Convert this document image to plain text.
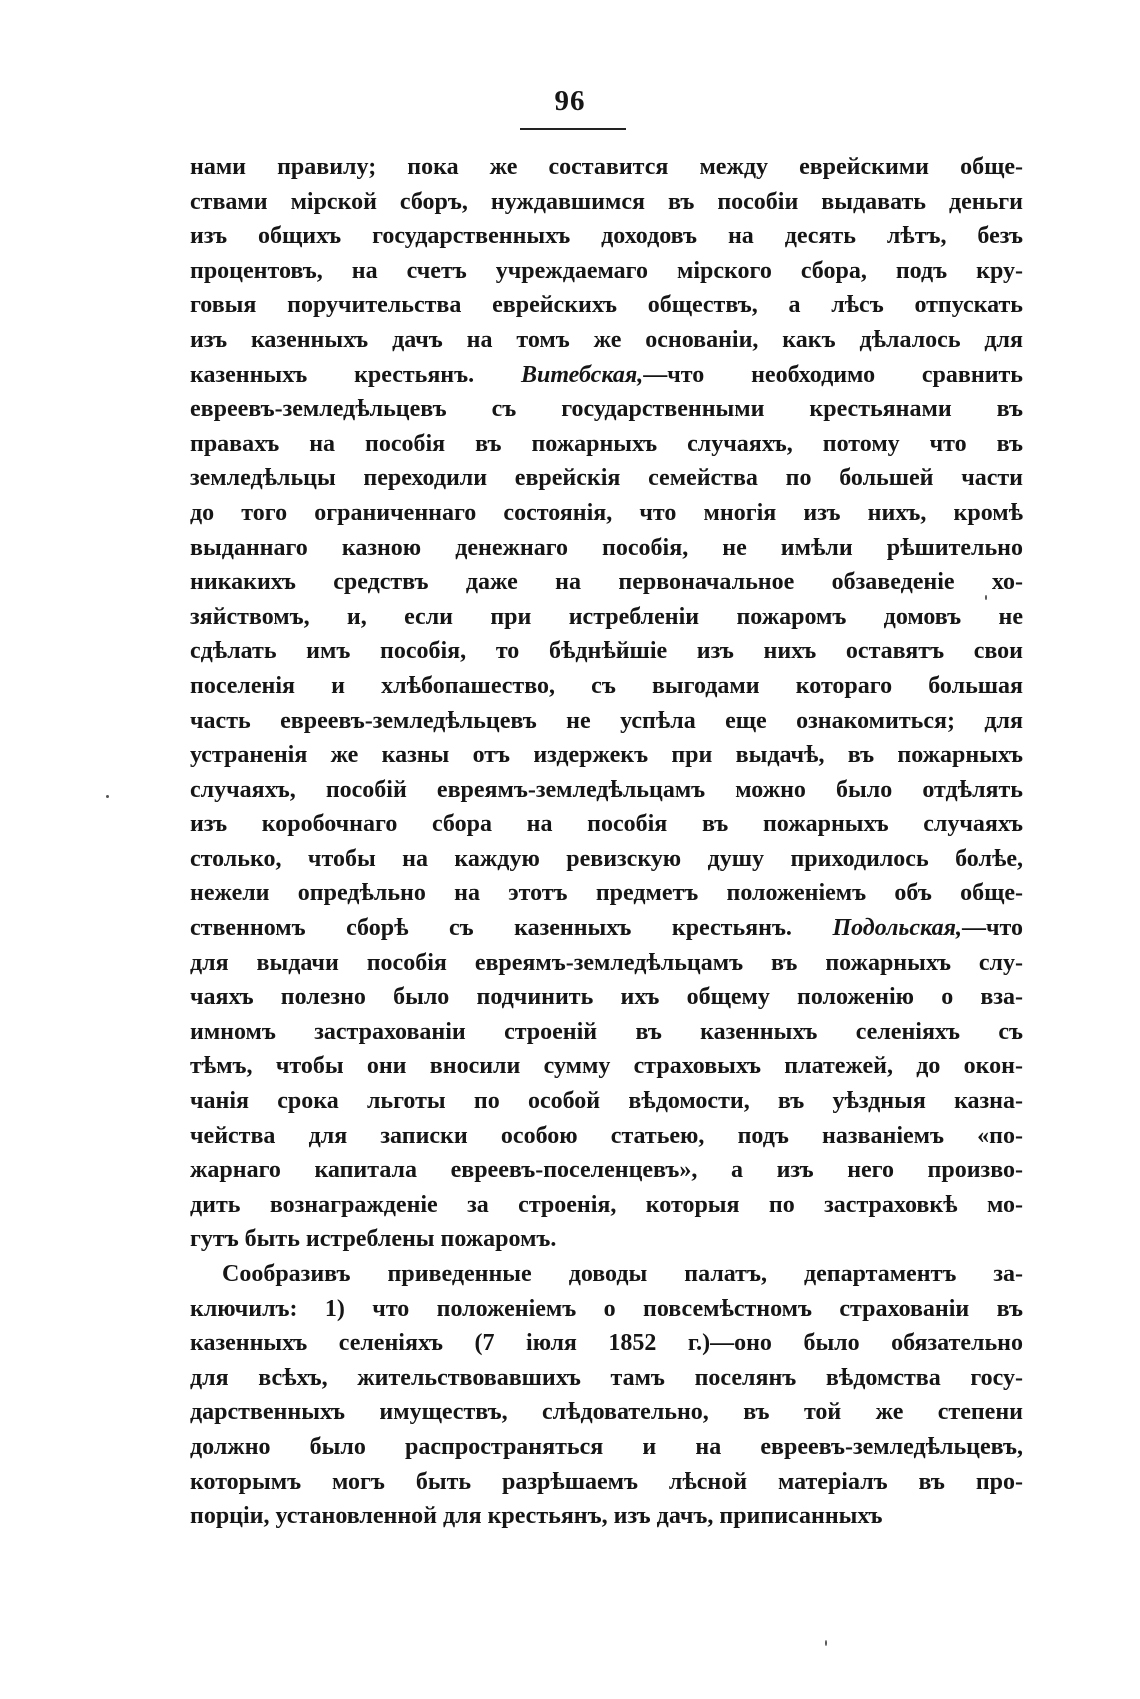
96
нами правилу; пока же составится между еврейскими обще-
ствами мірской сборъ, нуждавшимся въ пособіи выдавать деньги
изъ общихъ государственныхъ доходовъ на десять лѣтъ, безъ
процентовъ, на счетъ учреждаемаго мірского сбора, подъ кру-
говыя поручительства еврейскихъ обществъ, а лѣсъ отпускать
изъ казенныхъ дачъ на томъ же основаніи, какъ дѣлалось для
казенныхъ крестьянъ. Витебская,—что необходимо сравнить
евреевъ-земледѣльцевъ съ государственными крестьянами въ
правахъ на пособія въ пожарныхъ случаяхъ, потому что въ
земледѣльцы переходили еврейскія семейства по большей части
до того ограниченнаго состоянія, что многія изъ нихъ, кромѣ
выданнаго казною денежнаго пособія, не имѣли рѣшительно
никакихъ средствъ даже на первоначальное обзаведеніе хо-
зяйствомъ, и, если при истребленіи пожаромъ домовъ не
сдѣлать имъ пособія, то бѣднѣйшіе изъ нихъ оставятъ свои
поселенія и хлѣбопашество, съ выгодами котораго большая
часть евреевъ-земледѣльцевъ не успѣла еще ознакомиться; для
устраненія же казны отъ издержекъ при выдачѣ, въ пожарныхъ
случаяхъ, пособій евреямъ-земледѣльцамъ можно было отдѣлять
изъ коробочнаго сбора на пособія въ пожарныхъ случаяхъ
столько, чтобы на каждую ревизскую душу приходилось болѣе,
нежели опредѣльно на этотъ предметъ положеніемъ объ обще-
ственномъ сборѣ съ казенныхъ крестьянъ. Подольская,—что
для выдачи пособія евреямъ-земледѣльцамъ въ пожарныхъ слу-
чаяхъ полезно было подчинить ихъ общему положенію о вза-
имномъ застрахованіи строеній въ казенныхъ селеніяхъ съ
тѣмъ, чтобы они вносили сумму страховыхъ платежей, до окон-
чанія срока льготы по особой вѣдомости, въ уѣздныя казна-
чейства для записки особою статьею, подъ названіемъ «по-
жарнаго капитала евреевъ-поселенцевъ», а изъ него произво-
дить вознагражденіе за строенія, которыя по застраховкѣ мо-
гутъ быть истреблены пожаромъ.
Сообразивъ приведенные доводы палатъ, департаментъ за-
ключилъ: 1) что положеніемъ о повсемѣстномъ страхованіи въ
казенныхъ селеніяхъ (7 іюля 1852 г.)—оно было обязательно
для всѣхъ, жительствовавшихъ тамъ поселянъ вѣдомства госу-
дарственныхъ имуществъ, слѣдовательно, въ той же степени
должно было распространяться и на евреевъ-земледѣльцевъ,
которымъ могъ быть разрѣшаемъ лѣсной матеріалъ въ про-
порціи, установленной для крестьянъ, изъ дачъ, приписанныхъ
